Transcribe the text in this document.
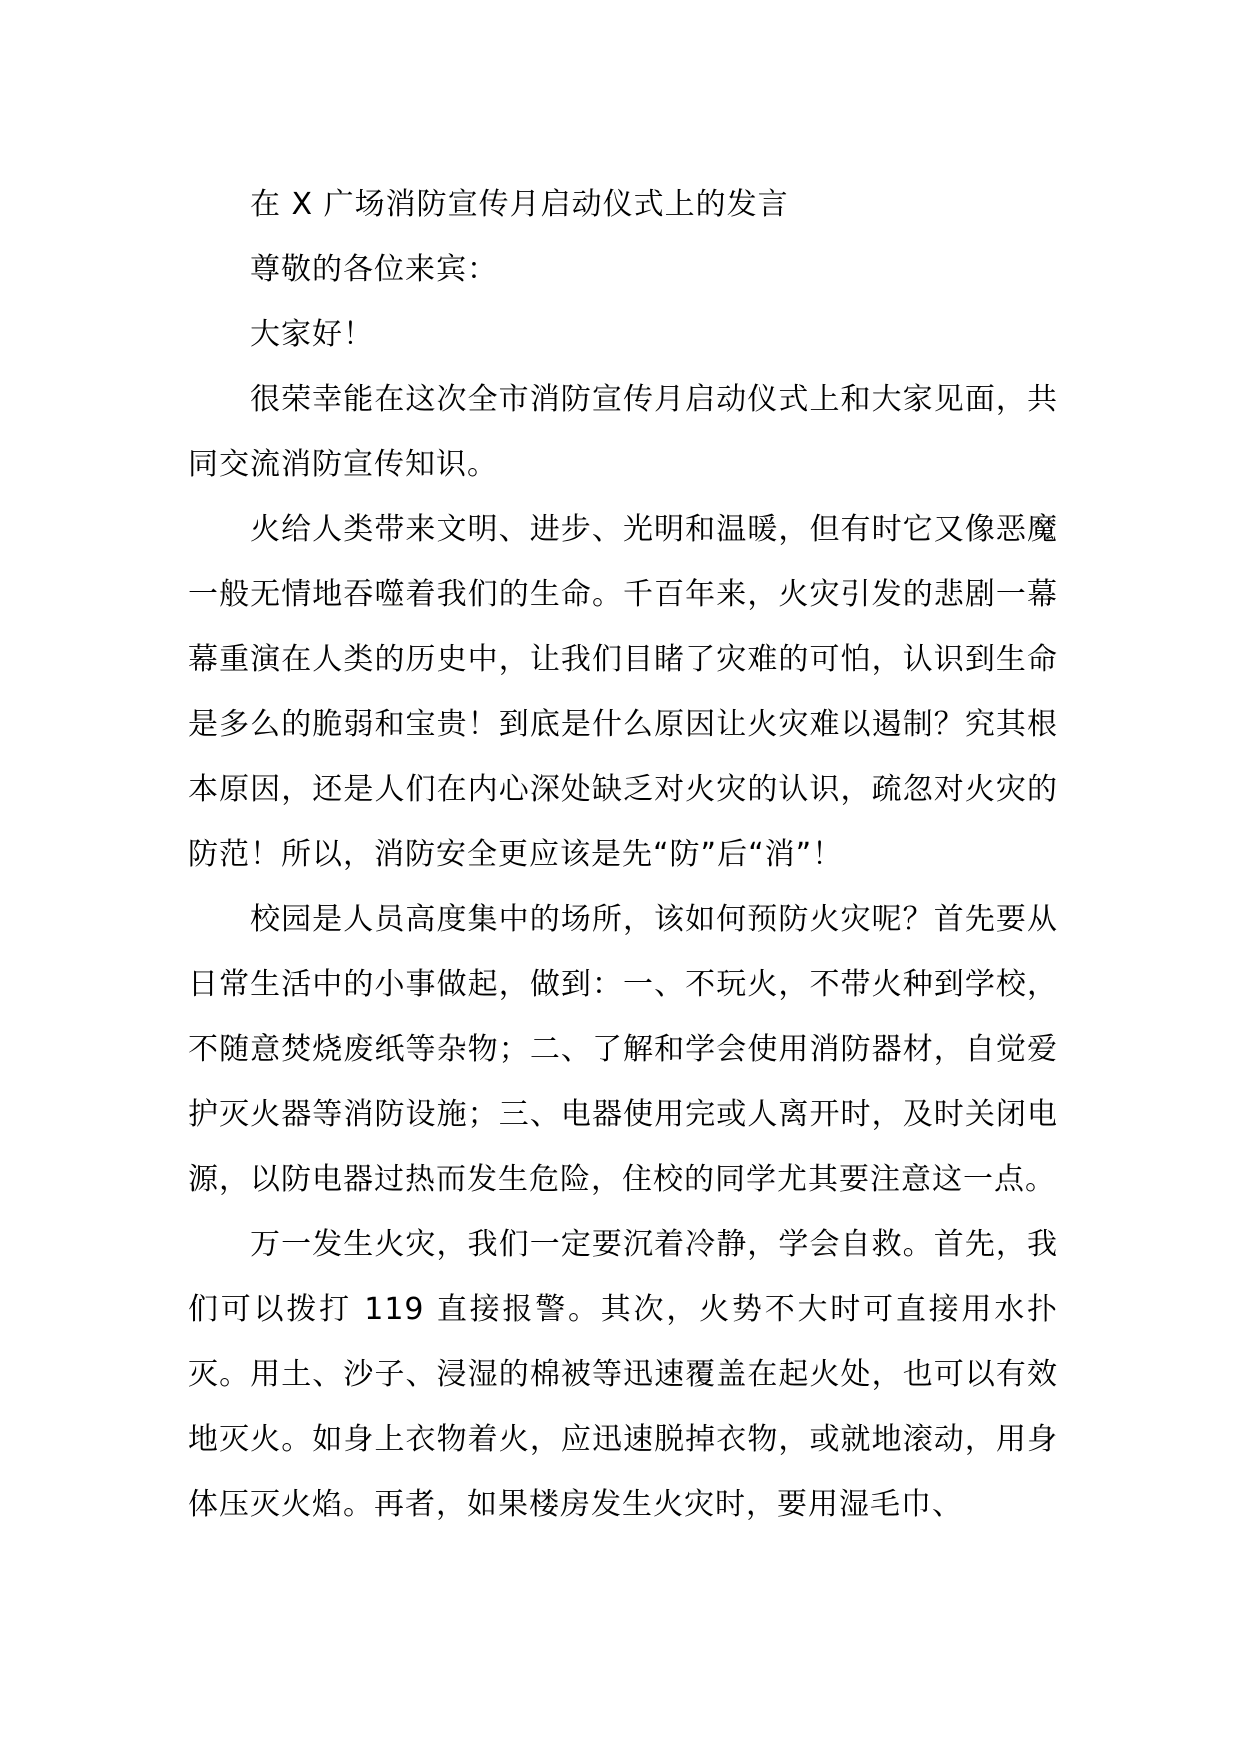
在 X 广场消防宣传月启动仪式上的发言

尊敬的各位来宾：

大家好！

很荣幸能在这次全市消防宣传月启动仪式上和大家见面，共同交流消防宣传知识。

火给人类带来文明、进步、光明和温暖，但有时它又像恶魔一般无情地吞噬着我们的生命。千百年来，火灾引发的悲剧一幕幕重演在人类的历史中，让我们目睹了灾难的可怕，认识到生命是多么的脆弱和宝贵！到底是什么原因让火灾难以遏制？究其根本原因，还是人们在内心深处缺乏对火灾的认识，疏忽对火灾的防范！所以，消防安全更应该是先“防”后“消”！

校园是人员高度集中的场所，该如何预防火灾呢？首先要从日常生活中的小事做起，做到：一、不玩火，不带火种到学校，不随意焚烧废纸等杂物；二、了解和学会使用消防器材，自觉爱护灭火器等消防设施；三、电器使用完或人离开时，及时关闭电源，以防电器过热而发生危险，住校的同学尤其要注意这一点。

万一发生火灾，我们一定要沉着冷静，学会自救。首先，我们可以拨打 119 直接报警。其次，火势不大时可直接用水扑灭。用土、沙子、浸湿的棉被等迅速覆盖在起火处，也可以有效地灭火。如身上衣物着火，应迅速脱掉衣物，或就地滚动，用身体压灭火焰。再者，如果楼房发生火灾时，要用湿毛巾、
